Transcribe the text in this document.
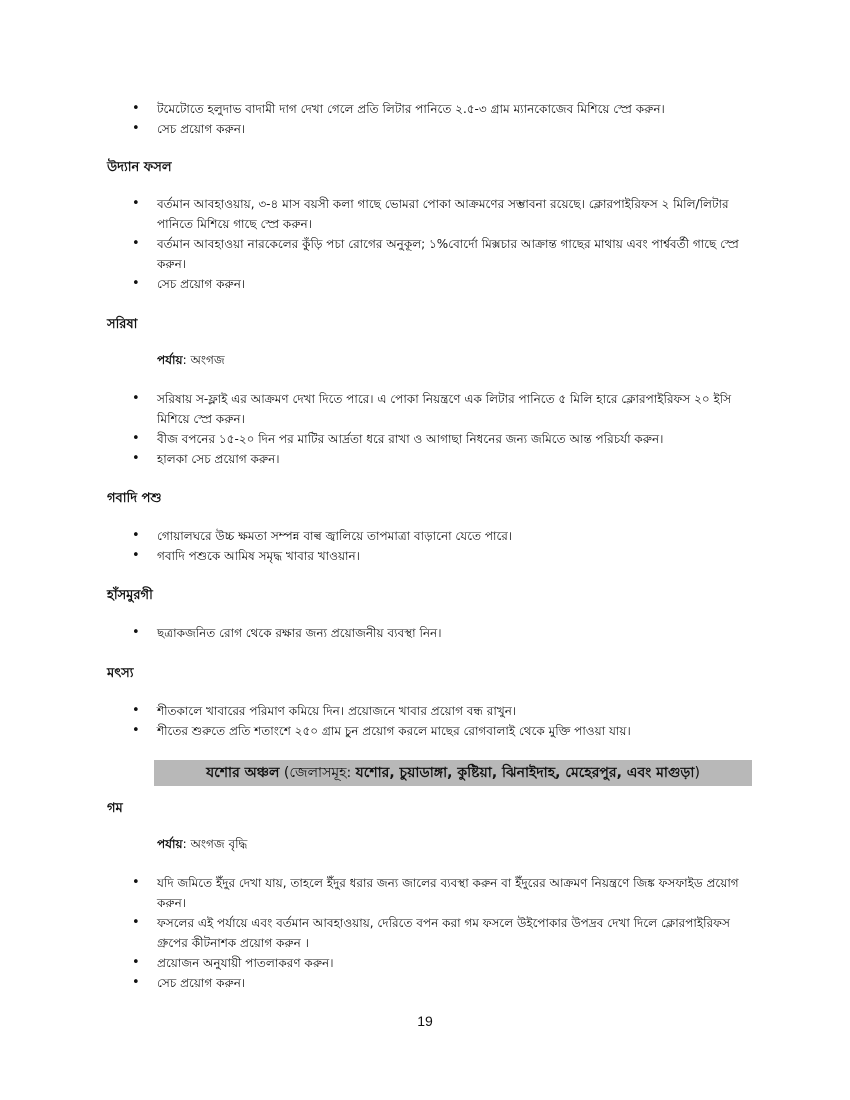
• টমেটোতে হলুদাভ বাদামী দাগ দেখা গেলে প্রতি লিটার পানিতে ২.৫-৩ গ্রাম ম্যানকোজেব মিশিয়ে স্প্রে করুন।
• সেচ প্রয়োগ করুন।
উদ্যান ফসল
• বর্তমান আবহাওয়ায়, ৩-৪ মাস বয়সী কলা গাছে ভোমরা পোকা আক্রমণের সম্ভাবনা রয়েছে। ক্লোরপাইরিফস ২ মিলি/লিটার পানিতে মিশিয়ে গাছে স্প্রে করুন।
• বর্তমান আবহাওয়া নারকেলের কুঁড়ি পচা রোগের অনুকূল; ১%বোর্দো মিক্সচার আক্রান্ত গাছের মাথায় এবং পার্শ্ববর্তী গাছে স্প্রে করুন।
• সেচ প্রয়োগ করুন।
সরিষা
পর্যায়: অংগজ
• সরিষায় স-ফ্লাই এর আক্রমণ দেখা দিতে পারে। এ পোকা নিয়ন্ত্রণে এক লিটার পানিতে ৫ মিলি হারে ক্লোরপাইরিফস ২০ ইসি মিশিয়ে স্প্রে করুন।
• বীজ বপনের ১৫-২০ দিন পর মাটির আর্দ্রতা ধরে রাখা ও আগাছা নিধনের জন্য জমিতে আন্ত পরিচর্যা করুন।
• হালকা সেচ প্রয়োগ করুন।
গবাদি পশু
• গোয়ালঘরে উচ্চ ক্ষমতা সম্পন্ন বাল্ব জ্বালিয়ে তাপমাত্রা বাড়ানো যেতে পারে।
• গবাদি পশুকে আমিষ সমৃদ্ধ খাবার খাওয়ান।
হাঁসমুরগী
• ছত্রাকজনিত রোগ থেকে রক্ষার জন্য প্রয়োজনীয় ব্যবস্থা নিন।
মৎস্য
• শীতকালে খাবারের পরিমাণ কমিয়ে দিন। প্রয়োজনে খাবার প্রয়োগ বন্ধ রাখুন।
• শীতের শুরুতে প্রতি শতাংশে ২৫০ গ্রাম চুন প্রয়োগ করলে মাছের রোগবালাই থেকে মুক্তি পাওয়া যায়।
যশোর অঞ্চল (জেলাসমূহ: যশোর, চুয়াডাঙ্গা, কুষ্টিয়া, ঝিনাইদাহ, মেহেরপুর, এবং মাগুড়া)
গম
পর্যায়: অংগজ বৃদ্ধি
• যদি জমিতে ইঁদুর দেখা যায়, তাহলে ইঁদুর ধরার জন্য জালের ব্যবস্থা করুন বা ইঁদুরের আক্রমণ নিয়ন্ত্রণে জিঙ্ক ফসফাইড প্রয়োগ করুন।
• ফসলের এই পর্যায়ে এবং বর্তমান আবহাওয়ায়, দেরিতে বপন করা গম ফসলে উইপোকার উপদ্রব দেখা দিলে ক্লোরপাইরিফস গ্রুপের কীটনাশক প্রয়োগ করুন ।
• প্রয়োজন অনুযায়ী পাতলাকরণ করুন।
• সেচ প্রয়োগ করুন।
19
